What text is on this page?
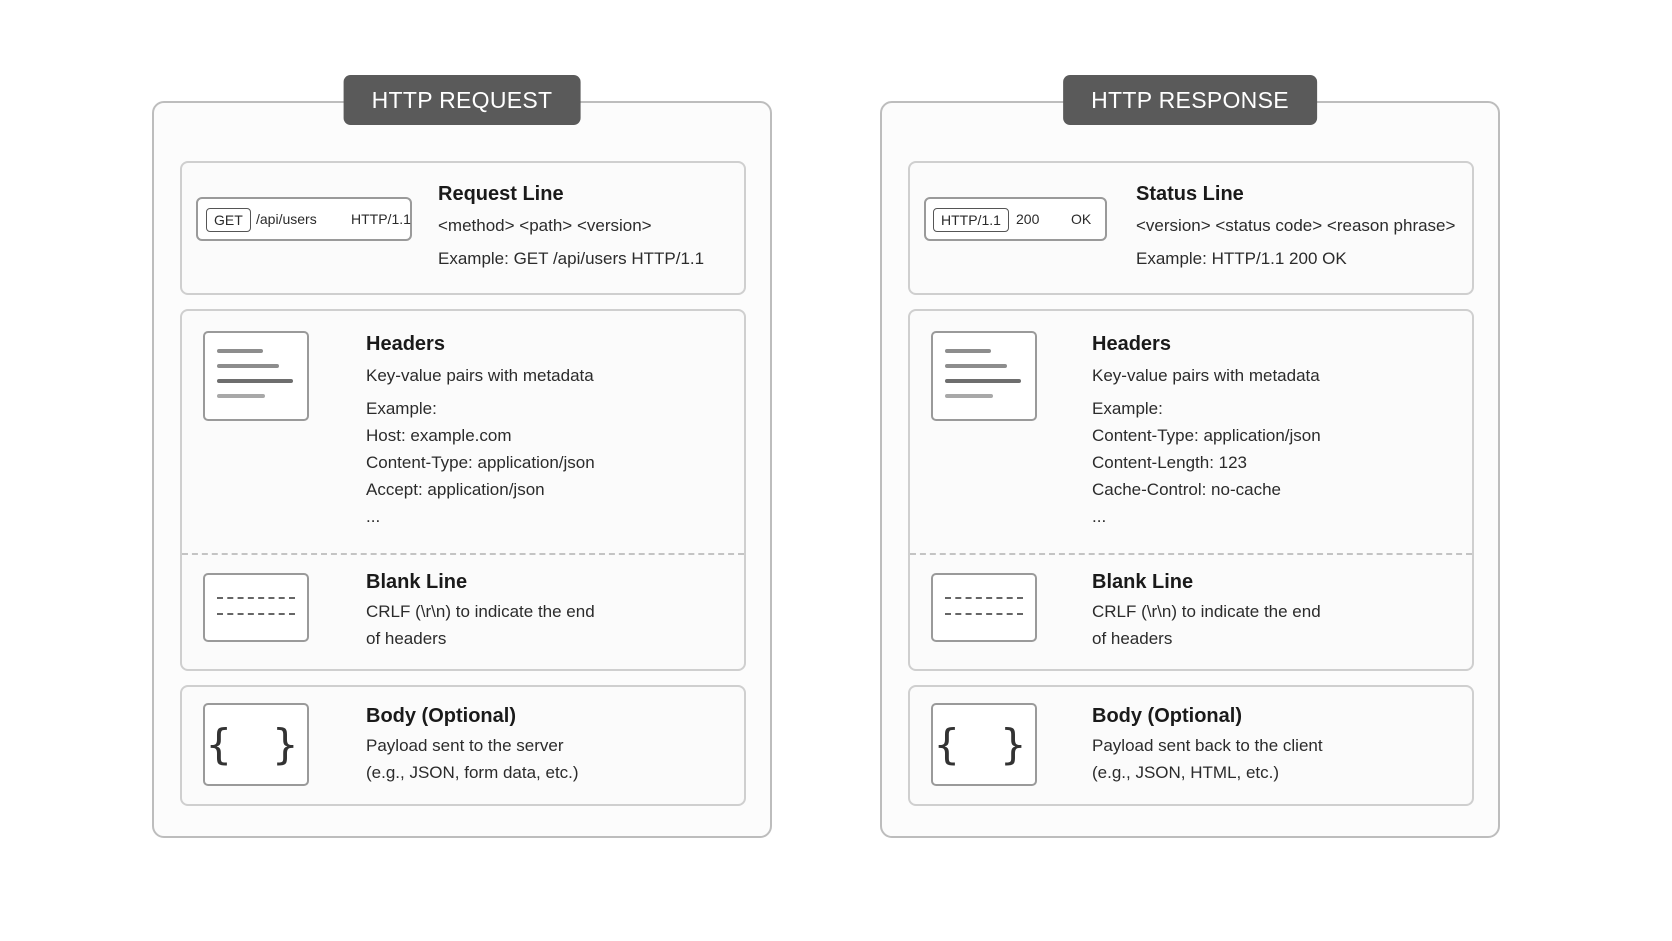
HTTP REQUEST
GET /api/users HTTP/1.1
Request Line
<method> <path> <version>
Example: GET /api/users HTTP/1.1
Headers
Key-value pairs with metadata
Example:
Host: example.com
Content-Type: application/json
Accept: application/json
...
Blank Line
CRLF (\r\n) to indicate the end
of headers
{ }
Body (Optional)
Payload sent to the server
(e.g., JSON, form data, etc.)
HTTP RESPONSE
HTTP/1.1	200 OK
Status Line
<version> <status code> <reason phrase>
Example: HTTP/1.1 200 OK
Headers
Key-value pairs with metadata
Example:
Content-Type: application/json
Content-Length: 123
Cache-Control: no-cache
...
Blank Line
CRLF (\r\n) to indicate the end
of headers
{ }
Body (Optional)
Payload sent back to the client
(e.g., JSON, HTML, etc.)
